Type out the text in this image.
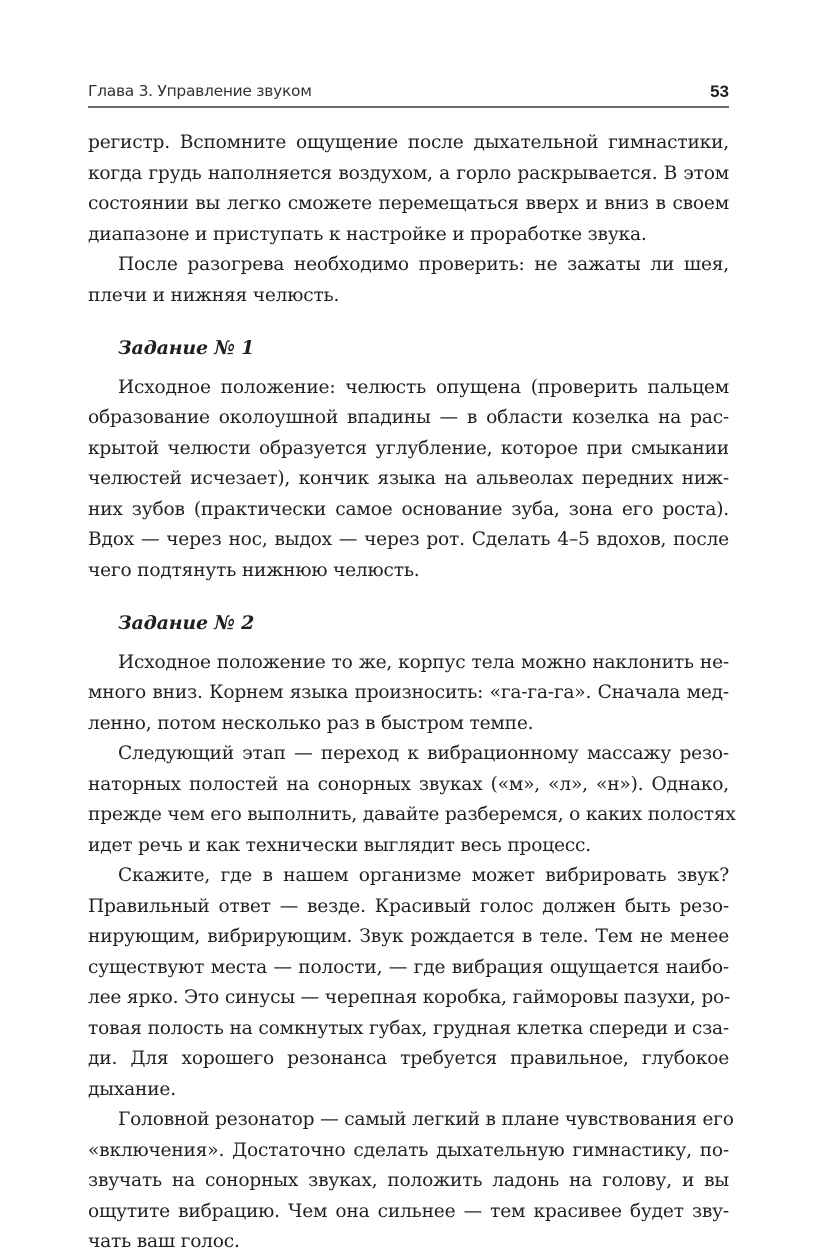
Глава 3. Управление звуком	53
регистр. Вспомните ощущение после дыхательной гимнастики,
когда грудь наполняется воздухом, а горло раскрывается. В этом
состоянии вы легко сможете перемещаться вверх и вниз в своем
диапазоне и приступать к настройке и проработке звука.
После разогрева необходимо проверить: не зажаты ли шея,
плечи и нижняя челюсть.
Задание № 1
Исходное положение: челюсть опущена (проверить пальцем
образование околоушной впадины — в области козелка на рас-
крытой челюсти образуется углубление, которое при смыкании
челюстей исчезает), кончик языка на альвеолах передних ниж-
них зубов (практически самое основание зуба, зона его роста).
Вдох — через нос, выдох — через рот. Сделать 4–5 вдохов, после
чего подтянуть нижнюю челюсть.
Задание № 2
Исходное положение то же, корпус тела можно наклонить не-
много вниз. Корнем языка произносить: «га-га-га». Сначала мед-
ленно, потом несколько раз в быстром темпе.
Следующий этап — переход к вибрационному массажу резо-
наторных полостей на сонорных звуках («м», «л», «н»). Однако,
прежде чем его выполнить, давайте разберемся, о каких полостях
идет речь и как технически выглядит весь процесс.
Скажите, где в нашем организме может вибрировать звук?
Правильный ответ — везде. Красивый голос должен быть резо-
нирующим, вибрирующим. Звук рождается в теле. Тем не менее
существуют места — полости, — где вибрация ощущается наибо-
лее ярко. Это синусы — черепная коробка, гайморовы пазухи, ро-
товая полость на сомкнутых губах, грудная клетка спереди и сза-
ди. Для хорошего резонанса требуется правильное, глубокое
дыхание.
Головной резонатор — самый легкий в плане чувствования его
«включения». Достаточно сделать дыхательную гимнастику, по-
звучать на сонорных звуках, положить ладонь на голову, и вы
ощутите вибрацию. Чем она сильнее — тем красивее будет зву-
чать ваш голос.
